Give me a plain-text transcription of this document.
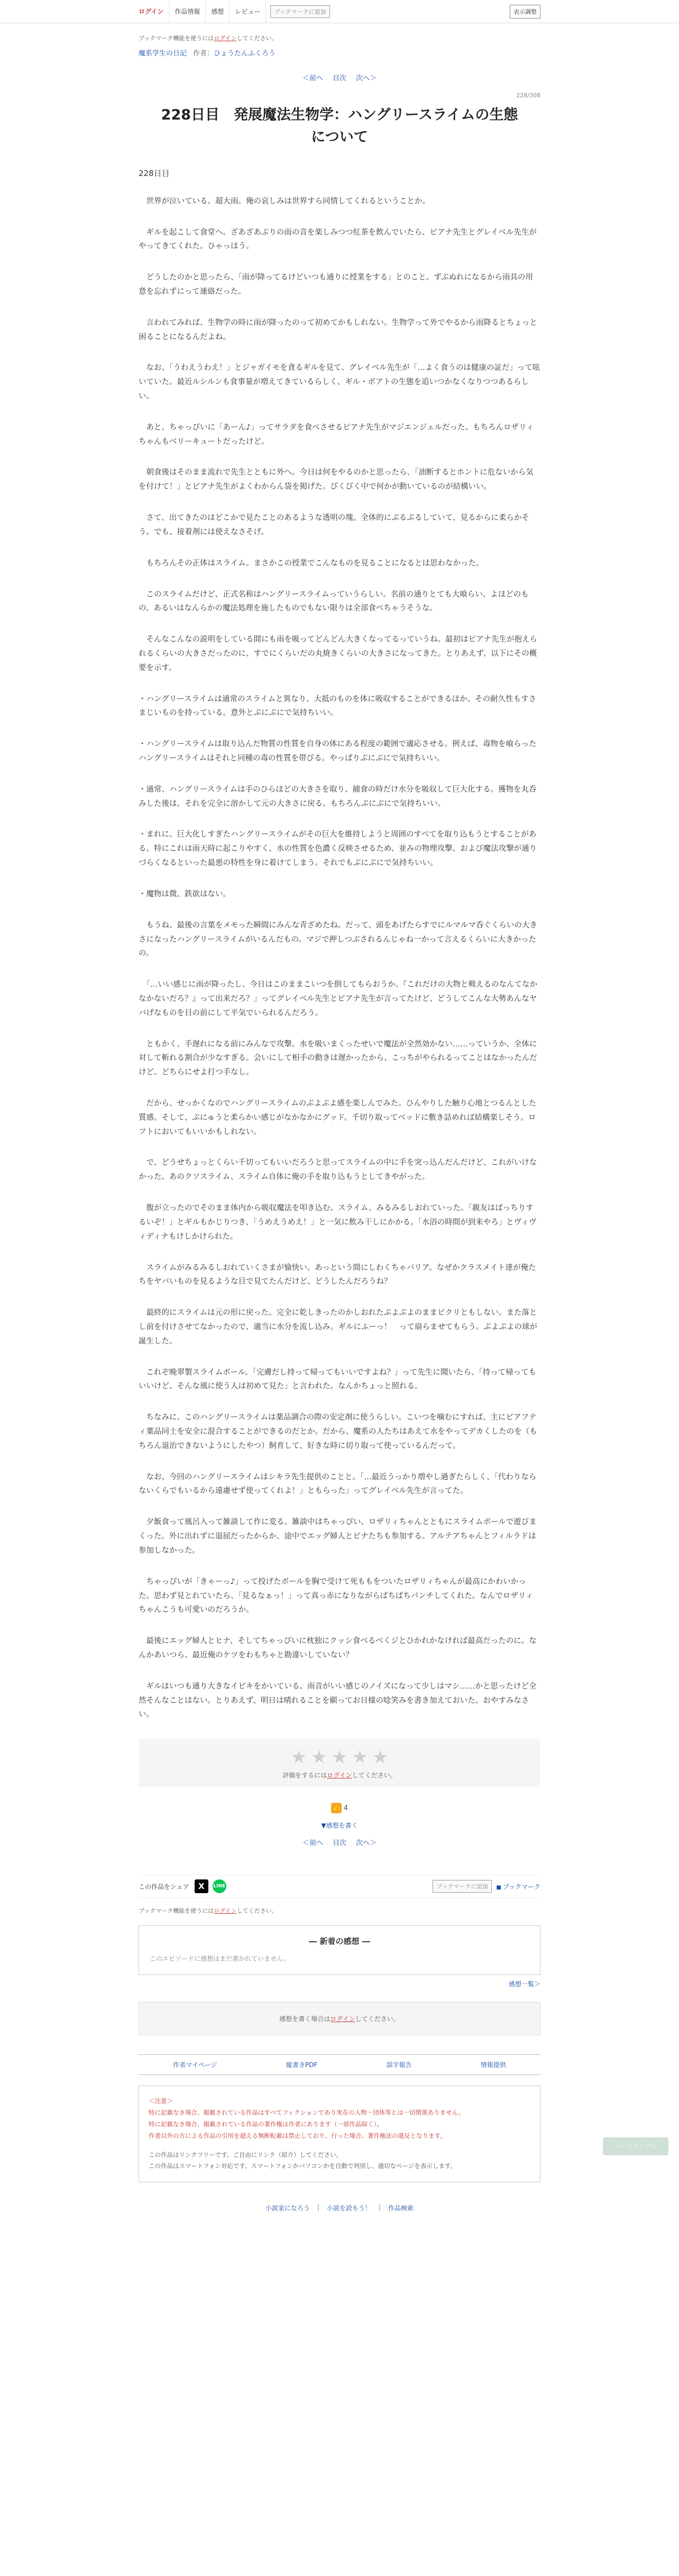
ログイン	作品情報	感想	レビュー	ブックマークに追加	表示調整
ブックマーク機能を使うにはログインしてください。
魔系学生の日記 作者：ひょうたんふくろう
＜前へ 目次 次へ＞
228/308
228日目　発展魔法生物学：ハングリースライムの生態について
228日目

　世界が泣いている。超大雨。俺の哀しみは世界すら同情してくれるということか。

　ギルを起こして食堂へ。ざあざあぶりの雨の音を楽しみつつ紅茶を飲んでいたら、ピアナ先生とグレイベル先生がやってきてくれた。ひゃっほう。

　どうしたのかと思ったら、「雨が降ってるけどいつも通りに授業をする」とのこと。ずぶぬれになるから雨具の用意を忘れずにって連絡だった。

　言われてみれば、生物学の時に雨が降ったのって初めてかもしれない。生物学って外でやるから雨降るとちょっと困ることになるんだよね。

　なお、「うわえうわえ！」とジャガイモを貪るギルを見て、グレイベル先生が「…よく食うのは健康の証だ」って呟いていた。最近ルシルンも食事量が増えてきているらしく、ギル・ボアトの生態を追いつかなくなりつつあるらしい。

　あと、ちゃっぴいに「あーん♪」ってサラダを食べさせるピアナ先生がマジエンジェルだった。もちろんロザリィちゃんもベリーキュートだったけど。

　朝食後はそのまま流れで先生とともに外へ。今日は何をやるのかと思ったら、「油断するとホントに危ないから気を付けて！」とピアナ先生がよくわからん袋を掲げた。びくびく中で何かが動いているのが結構いい。

　さて、出てきたのはどこかで見たことのあるような透明の塊。全体的にぷるぷるしていて、見るからに柔らかそう。でも、接着剤には使えなさそげ。

　もちろんその正体はスライム。まさかこの授業でこんなものを見ることになるとは思わなかった。

　このスライムだけど、正式名称はハングリースライムっていうらしい。名前の通りとても大喰らい。よほどのもの、あるいはなんらかの魔法処理を施したものでもない限りは全部食べちゃうそうな。

　そんなこんなの説明をしている間にも雨を吸ってどんどん大きくなってるっていうね。最初はピアナ先生が抱えられるくらいの大きさだったのに、すでにくらいだの丸焼きくらいの大きさになってきた。とりあえず、以下にその概要を示す。

・ハングリースライムは通常のスライムと異なり、大抵のものを体に吸収することができるほか、その耐久性もすさまじいものを持っている。意外とぷにぷにで気持ちいい。

・ハングリースライムは取り込んだ物質の性質を自身の体にある程度の範囲で適応させる。例えば、毒物を喰らったハングリースライムはそれと同種の毒の性質を帯びる。やっぱりぷにぷにで気持ちいい。

・通常、ハングリースライムは手のひらほどの大きさを取り、捕食の時だけ水分を吸収して巨大化する。獲物を丸呑みした後は、それを完全に溶かして元の大きさに戻る。もちろんぷにぷにで気持ちいい。

・まれに、巨大化しすぎたハングリースライムがその巨大を維持しようと周囲のすべてを取り込もうとすることがある。特にこれは雨天時に起こりやすく、水の性質を色濃く反映させるため、並みの物理攻撃、および魔法攻撃が通りづらくなるといった最悪の特性を身に着けてしまう。それでもぷにぷにで気持ちいい。

・魔物は微。鉄欲はない。

　もうね、最後の言葉をメモった瞬間にみんな青ざめたね。だって、頭をあげたらすでにルマルマ呑ぐくらいの大きさになったハングリースライムがいるんだもの。マジで押しつぶされるんじゃね一かって言えるくらいに大きかったの。

　「…いい感じに雨が降ったし、今日はこのままこいつを倒してもらおうか。『これだけの大物と戦えるのなんてなかなかないだろ？』って出来だろ？」ってグレイベル先生とピアナ先生が言ってたけど、どうしてこんな大勢あんなヤバげなものを目の前にして平気でいられるんだろう。

　ともかく、手遅れになる前にみんなで攻撃。水を吸いまくったせいで魔法が全然効かない……っていうか、全体に対して斬れる割合が少なすぎる。会いにして相手の動きは遅かったから、こっちがやられるってことはなかったんだけど。どちらにせよ打つ手なし。

　だから、せっかくなのでハングリースライムのぷよぷよ感を楽しんでみた。ひんやりした触り心地とつるんとした質感。そして、ぷにゅうと柔らかい感じがなかなかにグッド。千切り取ってベッドに敷き詰めれば結構楽しそう。ロフトにおいてもいいかもしれない。

　で、どうせちょっとくらい千切ってもいいだろうと思ってスライムの中に手を突っ込んだんだけど、これがいけなかった。あのクソスライム、スライム自体に俺の手を取り込もうとしてきやがった。

　腹が立ったのでそのまま体内から吸収魔法を叩き込む。スライム、みるみるしおれていった。「親友はばっちりするいぞ！」とギルもかじりつき、「うめえうめえ！」と一気に飲み干しにかかる。「水浴の時間が到来やろ」とヴィヴィディナもけしかけられた。

　スライムがみるみるしおれていくさまが愉快い。あっという間にしわくちゃバリア。なぜかクラスメイト達が俺たちをヤバいものを見るような目で見てたんだけど、どうしたんだろうね？

　最終的にスライムは元の形に戻った。完全に乾しきったのかしおれたぷよぷよのままピクリともしない。また落とし前を付けさせてなかったので、適当に水分を流し込み。ギルにふーっ！　って扇らませてもらう。ぷよぷよの球が誕生した。

　これぞ晩翠製スライムボール。「完膚だし持って帰ってもいいですよね？」って先生に聞いたら、「持って帰ってもいいけど、そんな風に使う人は初めて見た」と言われた。なんかちょっと照れる。

　ちなみに、このハングリースライムは薬品調合の際の安定剤に使うらしい。こいつを噛むにすれば、主にピアフティ薬品同士を安全に混合することができるのだとか。だから、魔系の人たちはあえて水をやってデカくしたのを（もちろん退治できないようにしたやつ）飼育して、好きな時に切り取って使っているんだって。

　なお、今回のハングリースライムはシキラ先生提供のことと。「…最近うっかり増やし過ぎたらしく、「代わりならないくらでもいるから遠慮せず使ってくれよ！」ともらった」ってグレイベル先生が言ってた。

　夕飯食って風呂入って雑談して作に変る。雑談中はちゃっぴい、ロザリィちゃんとともにスライムボールで遊びまくった。外に出れずに退屈だったからか、途中でエッグ婦人とピナたちも参加する。アルテアちゃんとフィルラドは参加しなかった。

　ちゃっぴいが「きゃーっ♪」って投げたボールを胸で受けて死ももをついたロザリィちゃんが最高にかわいかった。思わず見とれていたら、「見るなぁっ！」って真っ赤になりながらばちばちパンチしてくれた。なんでロザリィちゃんこうも可愛いのだろうか。

　最後にエッグ婦人とヒナ、そしてちゃっぴいに枕独にクッシ食べるべくジとひかれかなければ最高だったのに。なんかあいつら、最近俺のケツをわもちゃと勘違いしていない？

　ギルはいつも通り大きなイビキをかいている。雨音がいい感じのノイズになって少しはマシ……かと思ったけど全然そんなことはない。とりあえず、明日は晴れることを願ってお日様の唸笑みを書き加えておいた。おやすみなさい。

★ ★ ★ ★ ★
評価をするにはログインしてください。
👍
4
▼感想を書く
＜前へ 目次 次へ＞
この作品をシェア	X	LINE	ブックマークに追加
■	ブックマーク
ブックマーク機能を使うにはログインしてください。
― 新着の感想 ―
このエピソードに感想はまだ書かれていません。
感想一覧＞
感想を書く場合はログインしてください。
作者マイページ	縦書きPDF	誤字報告	情報提供
＜注意＞
特に記載なき場合、掲載されている作品はすべてフィクションであり実在の人物・団体等とは一切関係ありません。
特に記載なき場合、掲載されている作品の著作権は作者にあります（一部作品除く）。
作者以外の方による作品の引用を超える無断転載は禁止しており、行った場合、著作権法の違反となります。
この作品はリンクフリーです。ご自由にリンク（紹介）してください。
この作品はスマートフォン対応です。スマートフォンかパソコンかを自動で判別し、適切なページを表示します。
小説家になろう | 小説を読もう！ | 作品検索
ページトップへ
